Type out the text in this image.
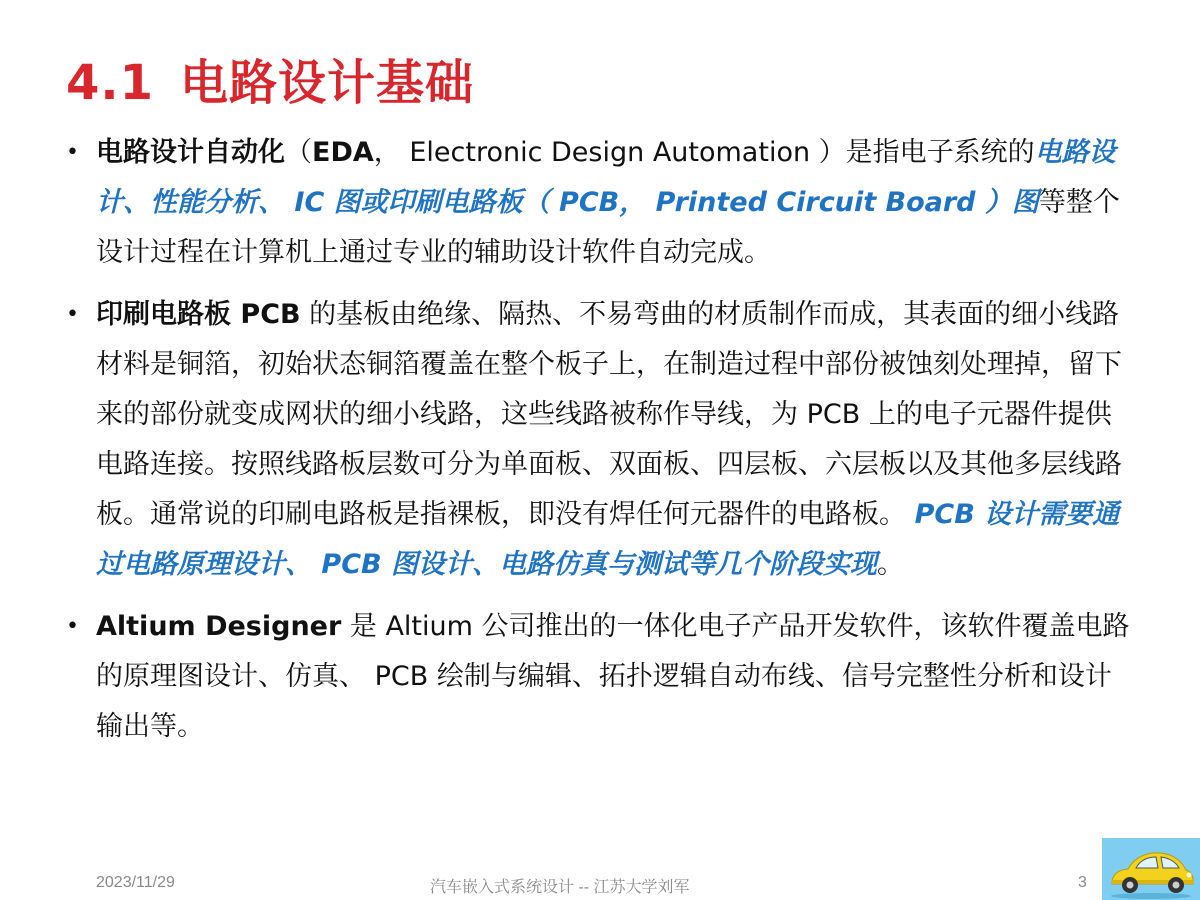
4.1 电路设计基础
• 电路设计自动化（EDA， Electronic Design Automation ）是指电子系统的电路设计、性能分析、 IC 图或印刷电路板（ PCB， Printed Circuit Board ）图等整个设计过程在计算机上通过专业的辅助设计软件自动完成。
• 印刷电路板 PCB 的基板由绝缘、隔热、不易弯曲的材质制作而成，其表面的细小线路材料是铜箔，初始状态铜箔覆盖在整个板子上，在制造过程中部份被蚀刻处理掉，留下来的部份就变成网状的细小线路，这些线路被称作导线，为 PCB 上的电子元器件提供电路连接。按照线路板层数可分为单面板、双面板、四层板、六层板以及其他多层线路板。通常说的印刷电路板是指裸板，即没有焊任何元器件的电路板。 PCB 设计需要通过电路原理设计、 PCB 图设计、电路仿真与测试等几个阶段实现。
• Altium Designer 是 Altium 公司推出的一体化电子产品开发软件，该软件覆盖电路的原理图设计、仿真、 PCB 绘制与编辑、拓扑逻辑自动布线、信号完整性分析和设计输出等。
2023/11/29	汽车嵌入式系统设计 -- 江苏大学刘军	3
